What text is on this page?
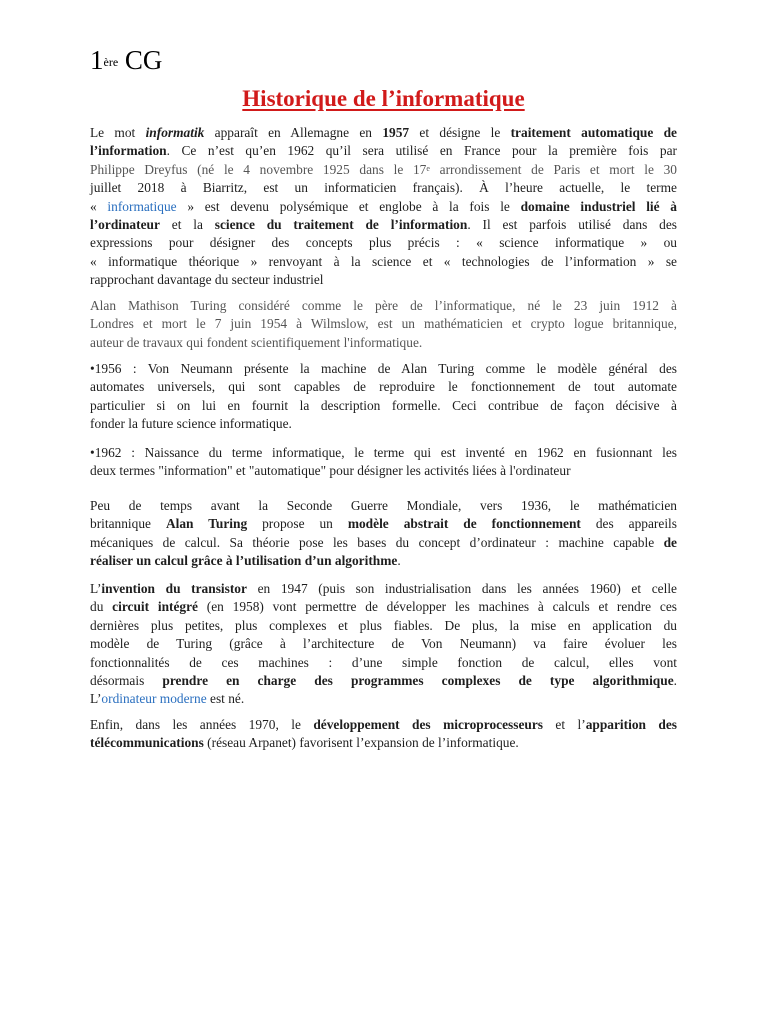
1ère CG
Historique de l’informatique
Le mot informatik apparaît en Allemagne en 1957 et désigne le traitement automatique de
l’information. Ce n’est qu’en 1962 qu’il sera utilisé en France pour la première fois par
Philippe Dreyfus (né le 4 novembre 1925 dans le 17e arrondissement de Paris et mort le 30
juillet 2018 à Biarritz, est un informaticien français). À l’heure actuelle, le terme
« informatique » est devenu polysémique et englobe à la fois le domaine industriel lié à
l’ordinateur et la science du traitement de l’information. Il est parfois utilisé dans des
expressions pour désigner des concepts plus précis : « science informatique » ou
« informatique théorique » renvoyant à la science et « technologies de l’information » se
rapprochant davantage du secteur industriel
Alan Mathison Turing considéré comme le père de l’informatique, né le 23 juin 1912 à
Londres et mort le 7 juin 1954 à Wilmslow, est un mathématicien et crypto logue britannique,
auteur de travaux qui fondent scientifiquement l'informatique.
•1956 : Von Neumann présente la machine de Alan Turing comme le modèle général des
automates universels, qui sont capables de reproduire le fonctionnement de tout automate
particulier si on lui en fournit la description formelle. Ceci contribue de façon décisive à
fonder la future science informatique.
•1962 : Naissance du terme informatique, le terme qui est inventé en 1962 en fusionnant les
deux termes "information" et "automatique" pour désigner les activités liées à l'ordinateur
Peu de temps avant la Seconde Guerre Mondiale, vers 1936, le mathématicien
britannique Alan Turing propose un modèle abstrait de fonctionnement des appareils
mécaniques de calcul. Sa théorie pose les bases du concept d’ordinateur : machine capable de
réaliser un calcul grâce à l’utilisation d’un algorithme.
L’invention du transistor en 1947 (puis son industrialisation dans les années 1960) et celle
du circuit intégré (en 1958) vont permettre de développer les machines à calculs et rendre ces
dernières plus petites, plus complexes et plus fiables. De plus, la mise en application du
modèle de Turing (grâce à l’architecture de Von Neumann) va faire évoluer les
fonctionnalités de ces machines : d’une simple fonction de calcul, elles vont
désormais prendre en charge des programmes complexes de type algorithmique.
L’ordinateur moderne est né.
Enfin, dans les années 1970, le développement des microprocesseurs et l’apparition des
télécommunications (réseau Arpanet) favorisent l’expansion de l’informatique.
